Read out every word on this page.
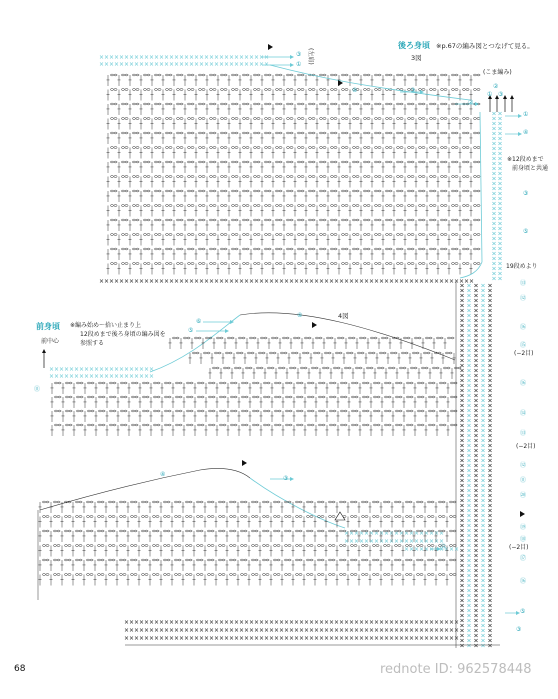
後ろ身頃 ※p.67の編み図とつなげて見る。
3図
(こま編み)
※12段めまで
前身頃と共通
19段めより
(左肩)
前身頃 ※編み始め～拾い止まり上
12段めまで後ろ身頃の編み図を
参照する
前中心
4図
(−2目)
(−2目)
(−2目)
68	rednote ID: 962578448
③
①
④	③
②
②
① ③
①
④
③
⑤
⑬
⑫
⑯
⑮
⑯
⑭
⑬
⑫
⑪
⑳
⑲
⑱
⑰
⑯
⑤
③
⑥
⑤
④
⑪
④
③
⑮
